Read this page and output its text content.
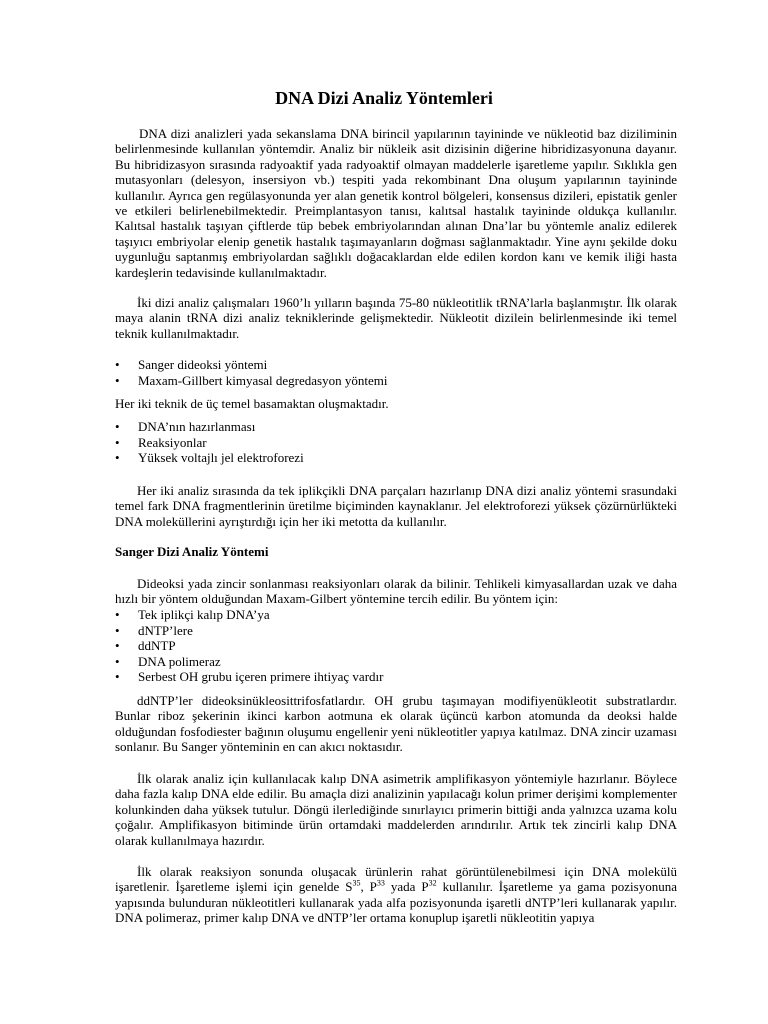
DNA Dizi Analiz Yöntemleri

DNA dizi analizleri yada sekanslama DNA birincil yapılarının tayininde ve nükleotid baz diziliminin belirlenmesinde kullanılan yöntemdir. Analiz bir nükleik asit dizisinin diğerine hibridizasyonuna dayanır. Bu hibridizasyon sırasında radyoaktif yada radyoaktif olmayan maddelerle işaretleme yapılır. Sıklıkla gen mutasyonları (delesyon, insersiyon vb.) tespiti yada rekombinant Dna oluşum yapılarının tayininde kullanılır. Ayrıca gen regülasyonunda yer alan genetik kontrol bölgeleri, konsensus dizileri, epistatik genler ve etkileri belirlenebilmektedir. Preimplantasyon tanısı, kalıtsal hastalık tayininde oldukça kullanılır. Kalıtsal hastalık taşıyan çiftlerde tüp bebek embriyolarından alınan Dna’lar bu yöntemle analiz edilerek taşıyıcı embriyolar elenip genetik hastalık taşımayanların doğması sağlanmaktadır. Yine aynı şekilde doku uygunluğu saptanmış embriyolardan sağlıklı doğacaklardan elde edilen kordon kanı ve kemik iliği hasta kardeşlerin tedavisinde kullanılmaktadır.

İki dizi analiz çalışmaları 1960’lı yılların başında 75-80 nükleotitlik tRNA’larla başlanmıştır. İlk olarak maya alanin tRNA dizi analiz tekniklerinde gelişmektedir. Nükleotit dizilein belirlenmesinde iki temel teknik kullanılmaktadır.

• Sanger dideoksi yöntemi
• Maxam-Gillbert kimyasal degredasyon yöntemi

Her iki teknik de üç temel basamaktan oluşmaktadır.

• DNA’nın hazırlanması
• Reaksiyonlar
• Yüksek voltajlı jel elektroforezi

Her iki analiz sırasında da tek iplikçikli DNA parçaları hazırlanıp DNA dizi analiz yöntemi srasundaki temel fark DNA fragmentlerinin üretilme biçiminden kaynaklanır. Jel elektroforezi yüksek çözürnürlükteki DNA moleküllerini ayrıştırdığı için her iki metotta da kullanılır.

Sanger Dizi Analiz Yöntemi

Dideoksi yada zincir sonlanması reaksiyonları olarak da bilinir. Tehlikeli kimyasallardan uzak ve daha hızlı bir yöntem olduğundan Maxam-Gilbert yöntemine tercih edilir. Bu yöntem için:

• Tek iplikçi kalıp DNA’ya
• dNTP’lere
• ddNTP
• DNA polimeraz
• Serbest OH grubu içeren primere ihtiyaç vardır

ddNTP’ler dideoksinükleosittrifosfatlardır. OH grubu taşımayan modifiyenükleotit substratlardır. Bunlar riboz şekerinin ikinci karbon aotmuna ek olarak üçüncü karbon atomunda da deoksi halde olduğundan fosfodiester bağının oluşumu engellenir yeni nükleotitler yapıya katılmaz. DNA zincir uzaması sonlanır. Bu Sanger yönteminin en can akıcı noktasıdır.

İlk olarak analiz için kullanılacak kalıp DNA asimetrik amplifikasyon yöntemiyle hazırlanır. Böylece daha fazla kalıp DNA elde edilir. Bu amaçla dizi analizinin yapılacağı kolun primer derişimi komplementer kolunkinden daha yüksek tutulur. Döngü ilerlediğinde sınırlayıcı primerin bittiği anda yalnızca uzama kolu çoğalır. Amplifikasyon bitiminde ürün ortamdaki maddelerden arındırılır. Artık tek zincirli kalıp DNA olarak kullanılmaya hazırdır.

İlk olarak reaksiyon sonunda oluşacak ürünlerin rahat görüntülenebilmesi için DNA molekülü işaretlenir. İşaretleme işlemi için genelde $S^{35}$, $P^{33}$ yada $P^{32}$ kullanılır. İşaretleme ya gama pozisyonuna yapısında bulunduran nükleotitleri kullanarak yada alfa pozisyonunda işaretli dNTP’leri kullanarak yapılır. DNA polimeraz, primer kalıp DNA ve dNTP’ler ortama konuplup işaretli nükleotitin yapıya
